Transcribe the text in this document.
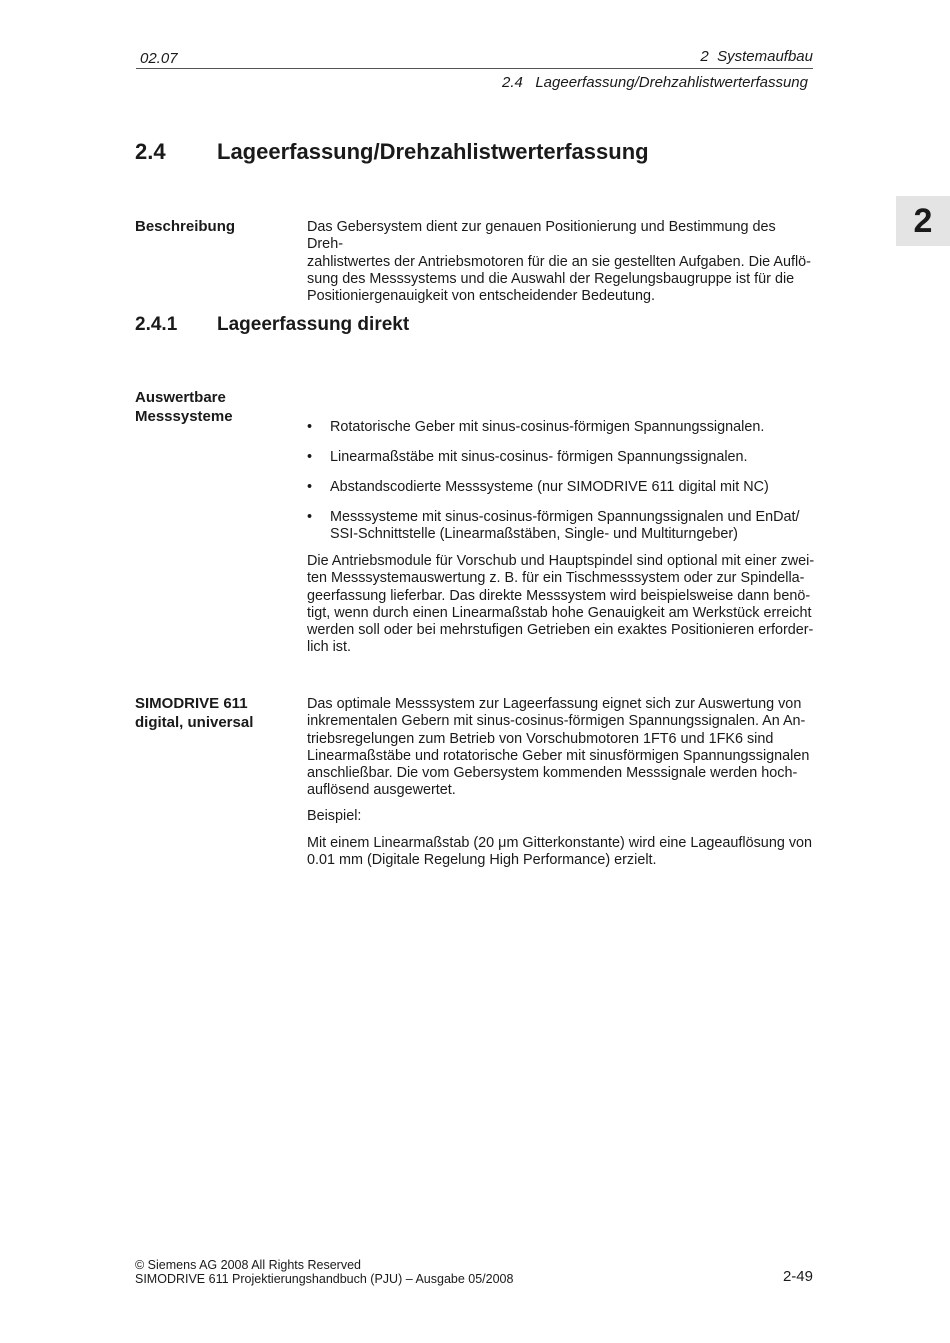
02.07	2  Systemaufbau
2.4   Lageerfassung/Drehzahlistwerterfassung
2
2.4 Lageerfassung/Drehzahlistwerterfassung
Beschreibung	Das Gebersystem dient zur genauen Positionierung und Bestimmung des Dreh-

zahlistwertes der Antriebsmotoren für die an sie gestellten Aufgaben. Die Auflö-

sung des Messsystems und die Auswahl der Regelungsbaugruppe ist für die

Positioniergenauigkeit von entscheidender Bedeutung.

2.4.1 Lageerfassung direkt
Auswertbare
Messsysteme
• Rotatorische Geber mit sinus-cosinus-förmigen Spannungssignalen.
• Linearmaßstäbe mit sinus-cosinus- förmigen Spannungssignalen.
• Abstandscodierte Messsysteme (nur SIMODRIVE 611 digital mit NC)
• Messsysteme mit sinus-cosinus-förmigen Spannungssignalen und EnDat/
SSI-Schnittstelle (Linearmaßstäben, Single- und Multiturngeber)

Die Antriebsmodule für Vorschub und Hauptspindel sind optional mit einer zwei-

ten Messsystemauswertung z. B. für ein Tischmesssystem oder zur Spindella-

geerfassung lieferbar. Das direkte Messsystem wird beispielsweise dann benö-

tigt, wenn durch einen Linearmaßstab hohe Genauigkeit am Werkstück erreicht

werden soll oder bei mehrstufigen Getrieben ein exaktes Positionieren erforder-

lich ist.

SIMODRIVE 611
digital, universal

Das optimale Messsystem zur Lageerfassung eignet sich zur Auswertung von

inkrementalen Gebern mit sinus-cosinus-förmigen Spannungssignalen. An An-

triebsregelungen zum Betrieb von Vorschubmotoren 1FT6 und 1FK6 sind

Linearmaßstäbe und rotatorische Geber mit sinusförmigen Spannungssignalen

anschließbar. Die vom Gebersystem kommenden Messsignale werden hoch-

auflösend ausgewertet.

Beispiel:

Mit einem Linearmaßstab (20 μm Gitterkonstante) wird eine Lageauflösung von

0.01 mm (Digitale Regelung High Performance) erzielt.

© Siemens AG 2008 All Rights Reserved
SIMODRIVE 611 Projektierungshandbuch (PJU) – Ausgabe 05/2008	2-49
